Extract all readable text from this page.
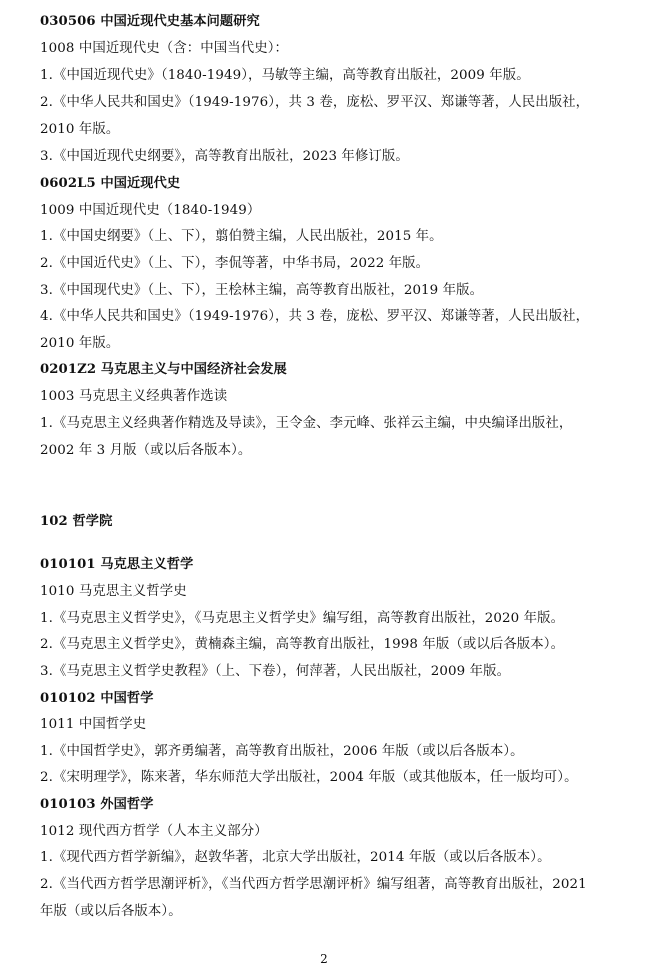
030506 中国近现代史基本问题研究
1008 中国近现代史（含：中国当代史）：
1.《中国近现代史》（1840-1949），马敏等主编，高等教育出版社，2009 年版。
2.《中华人民共和国史》（1949-1976），共 3 卷，庞松、罗平汉、郑谦等著，人民出版社，
2010 年版。
3.《中国近现代史纲要》，高等教育出版社，2023 年修订版。
0602L5 中国近现代史
1009 中国近现代史（1840-1949）
1.《中国史纲要》（上、下），翦伯赞主编，人民出版社，2015 年。
2.《中国近代史》（上、下），李侃等著，中华书局，2022 年版。
3.《中国现代史》（上、下），王桧林主编，高等教育出版社，2019 年版。
4.《中华人民共和国史》（1949-1976），共 3 卷，庞松、罗平汉、郑谦等著，人民出版社，
2010 年版。
0201Z2 马克思主义与中国经济社会发展
1003 马克思主义经典著作选读
1.《马克思主义经典著作精选及导读》，王令金、李元峰、张祥云主编，中央编译出版社，
2002 年 3 月版（或以后各版本）。
102 哲学院
010101 马克思主义哲学
1010 马克思主义哲学史
1.《马克思主义哲学史》，《马克思主义哲学史》编写组，高等教育出版社，2020 年版。
2.《马克思主义哲学史》，黄楠森主编，高等教育出版社，1998 年版（或以后各版本）。
3.《马克思主义哲学史教程》（上、下卷），何萍著，人民出版社，2009 年版。
010102 中国哲学
1011 中国哲学史
1.《中国哲学史》，郭齐勇编著，高等教育出版社，2006 年版（或以后各版本）。
2.《宋明理学》，陈来著，华东师范大学出版社，2004 年版（或其他版本，任一版均可）。
010103 外国哲学
1012 现代西方哲学（人本主义部分）
1.《现代西方哲学新编》，赵敦华著，北京大学出版社，2014 年版（或以后各版本）。
2.《当代西方哲学思潮评析》，《当代西方哲学思潮评析》编写组著，高等教育出版社，2021
年版（或以后各版本）。
2
